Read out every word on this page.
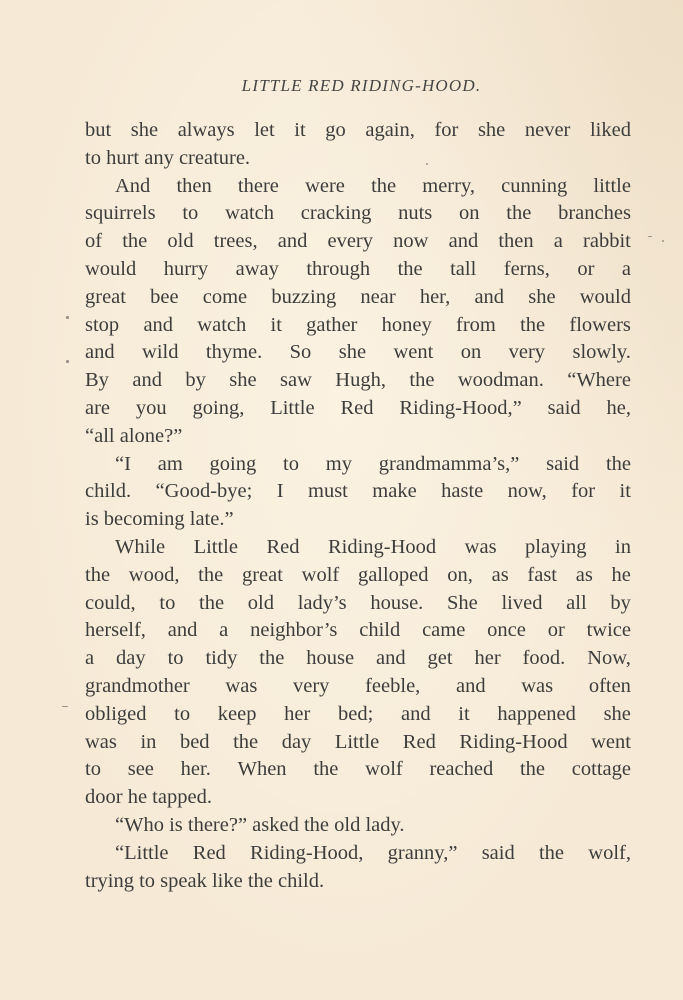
LITTLE RED RIDING-HOOD.
but she always let it go again, for she never liked
to hurt any creature.
And then there were the merry, cunning little
squirrels to watch cracking nuts on the branches
of the old trees, and every now and then a rabbit
would hurry away through the tall ferns, or a
great bee come buzzing near her, and she would
stop and watch it gather honey from the flowers
and wild thyme. So she went on very slowly.
By and by she saw Hugh, the woodman. “Where
are you going, Little Red Riding-Hood,” said he,
“all alone?”
“I am going to my grandmamma’s,” said the
child. “Good-bye; I must make haste now, for it
is becoming late.”
While Little Red Riding-Hood was playing in
the wood, the great wolf galloped on, as fast as he
could, to the old lady’s house. She lived all by
herself, and a neighbor’s child came once or twice
a day to tidy the house and get her food. Now,
grandmother was very feeble, and was often
obliged to keep her bed; and it happened she
was in bed the day Little Red Riding-Hood went
to see her. When the wolf reached the cottage
door he tapped.
“Who is there?” asked the old lady.
“Little Red Riding-Hood, granny,” said the wolf,
trying to speak like the child.
